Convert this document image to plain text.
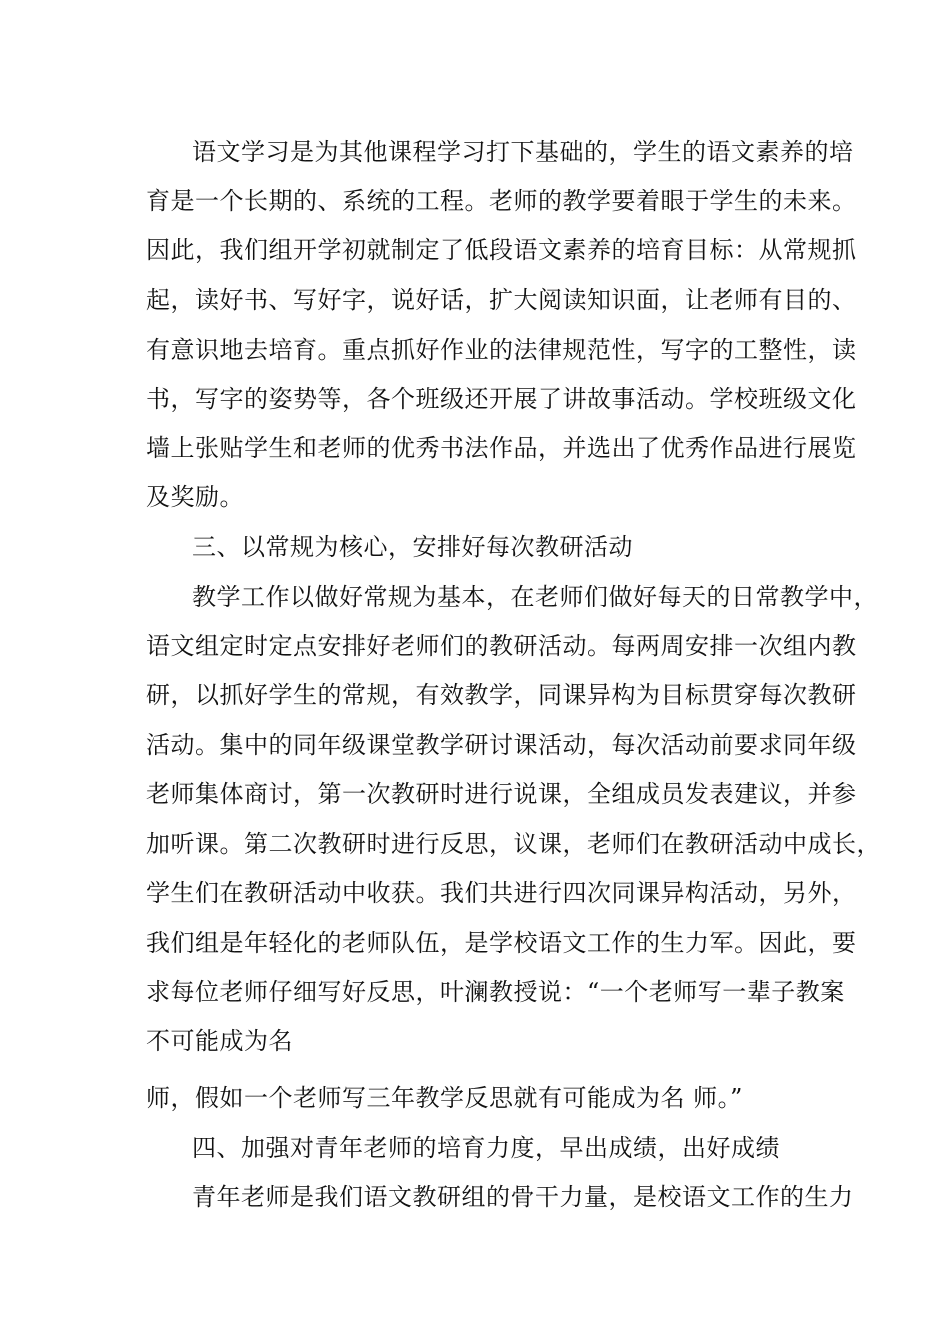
语文学习是为其他课程学习打下基础的，学生的语文素养的培
育是一个长期的、系统的工程。老师的教学要着眼于学生的未来。
因此，我们组开学初就制定了低段语文素养的培育目标：从常规抓
起，读好书、写好字，说好话，扩大阅读知识面，让老师有目的、
有意识地去培育。重点抓好作业的法律规范性，写字的工整性，读
书，写字的姿势等，各个班级还开展了讲故事活动。学校班级文化
墙上张贴学生和老师的优秀书法作品，并选出了优秀作品进行展览
及奖励。
三、以常规为核心，安排好每次教研活动
教学工作以做好常规为基本，在老师们做好每天的日常教学中，
语文组定时定点安排好老师们的教研活动。每两周安排一次组内教
研，以抓好学生的常规，有效教学，同课异构为目标贯穿每次教研
活动。集中的同年级课堂教学研讨课活动，每次活动前要求同年级
老师集体商讨，第一次教研时进行说课，全组成员发表建议，并参
加听课。第二次教研时进行反思，议课，老师们在教研活动中成长，
学生们在教研活动中收获。我们共进行四次同课异构活动，另外，
我们组是年轻化的老师队伍，是学校语文工作的生力军。因此，要
求每位老师仔细写好反思，叶澜教授说：“一个老师写一辈子教案
不可能成为名
师，假如一个老师写三年教学反思就有可能成为名 师。”
四、加强对青年老师的培育力度，早出成绩，出好成绩
青年老师是我们语文教研组的骨干力量，是校语文工作的生力
